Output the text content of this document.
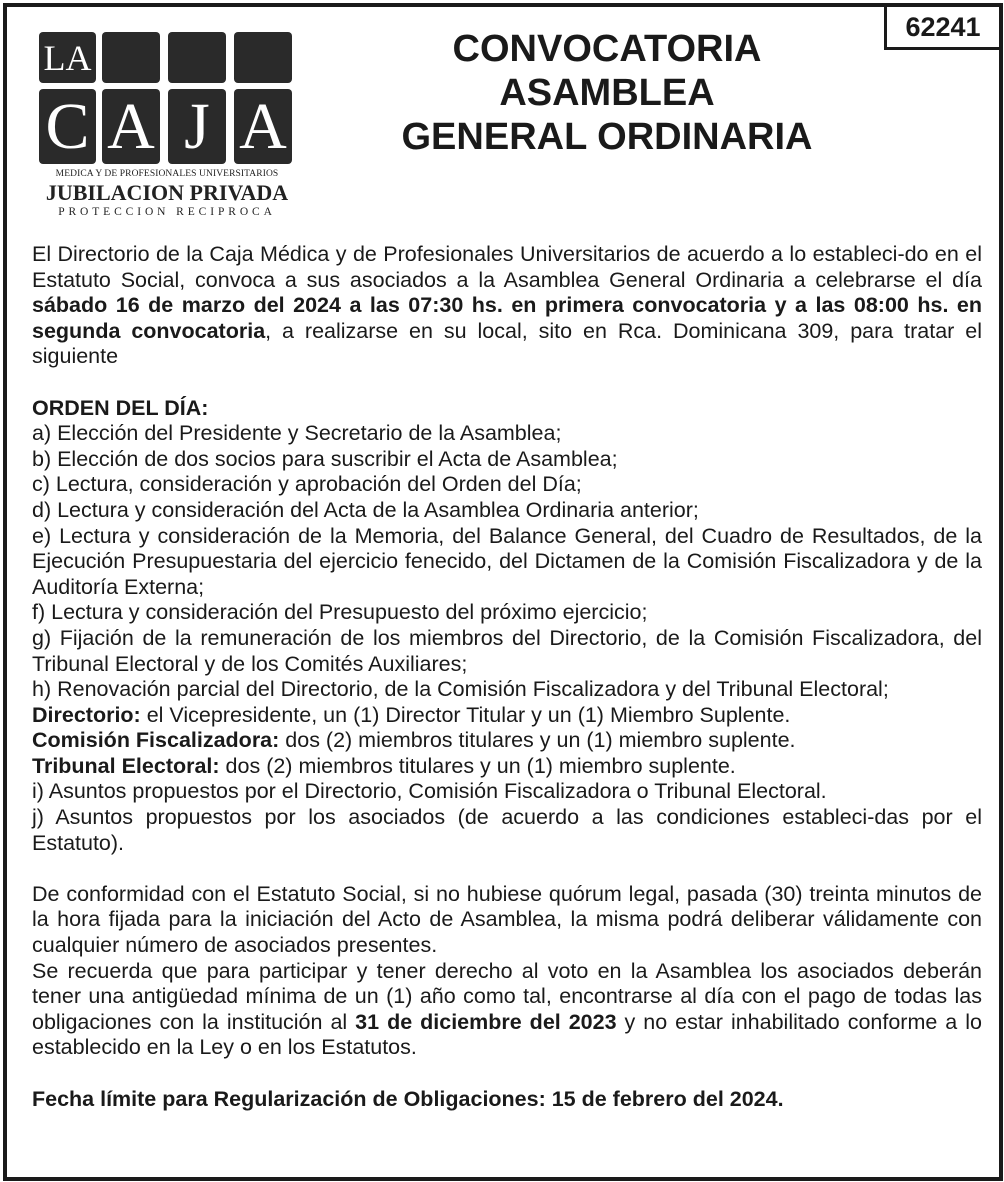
62241
LA
C A J A
MEDICA Y DE PROFESIONALES UNIVERSITARIOS
JUBILACION PRIVADA
PROTECCION RECIPROCA
CONVOCATORIA
ASAMBLEA
GENERAL ORDINARIA

El Directorio de la Caja Médica y de Profesionales Universitarios de acuerdo a lo estableci-do en el Estatuto Social, convoca a sus asociados a la Asamblea General Ordinaria a celebrarse el día sábado 16 de marzo del 2024 a las 07:30 hs. en primera convocatoria y a las 08:00 hs. en segunda convocatoria, a realizarse en su local, sito en Rca. Dominicana 309, para tratar el siguiente

ORDEN DEL DÍA:
a) Elección del Presidente y Secretario de la Asamblea;
b) Elección de dos socios para suscribir el Acta de Asamblea;
c) Lectura, consideración y aprobación del Orden del Día;
d) Lectura y consideración del Acta de la Asamblea Ordinaria anterior;
e) Lectura y consideración de la Memoria, del Balance General, del Cuadro de Resultados, de la Ejecución Presupuestaria del ejercicio fenecido, del Dictamen de la Comisión Fiscalizadora y de la Auditoría Externa;
f) Lectura y consideración del Presupuesto del próximo ejercicio;
g) Fijación de la remuneración de los miembros del Directorio, de la Comisión Fiscalizadora, del Tribunal Electoral y de los Comités Auxiliares;
h) Renovación parcial del Directorio, de la Comisión Fiscalizadora y del Tribunal Electoral;
Directorio: el Vicepresidente, un (1) Director Titular y un (1) Miembro Suplente.
Comisión Fiscalizadora: dos (2) miembros titulares y un (1) miembro suplente.
Tribunal Electoral: dos (2) miembros titulares y un (1) miembro suplente.
i) Asuntos propuestos por el Directorio, Comisión Fiscalizadora o Tribunal Electoral.
j) Asuntos propuestos por los asociados (de acuerdo a las condiciones estableci-das por el Estatuto).

De conformidad con el Estatuto Social, si no hubiese quórum legal, pasada (30) treinta minutos de la hora fijada para la iniciación del Acto de Asamblea, la misma podrá deliberar válidamente con cualquier número de asociados presentes.

Se recuerda que para participar y tener derecho al voto en la Asamblea los asociados deberán tener una antigüedad mínima de un (1) año como tal, encontrarse al día con el pago de todas las obligaciones con la institución al 31 de diciembre del 2023 y no estar inhabilitado conforme a lo establecido en la Ley o en los Estatutos.

Fecha límite para Regularización de Obligaciones: 15 de febrero del 2024.
